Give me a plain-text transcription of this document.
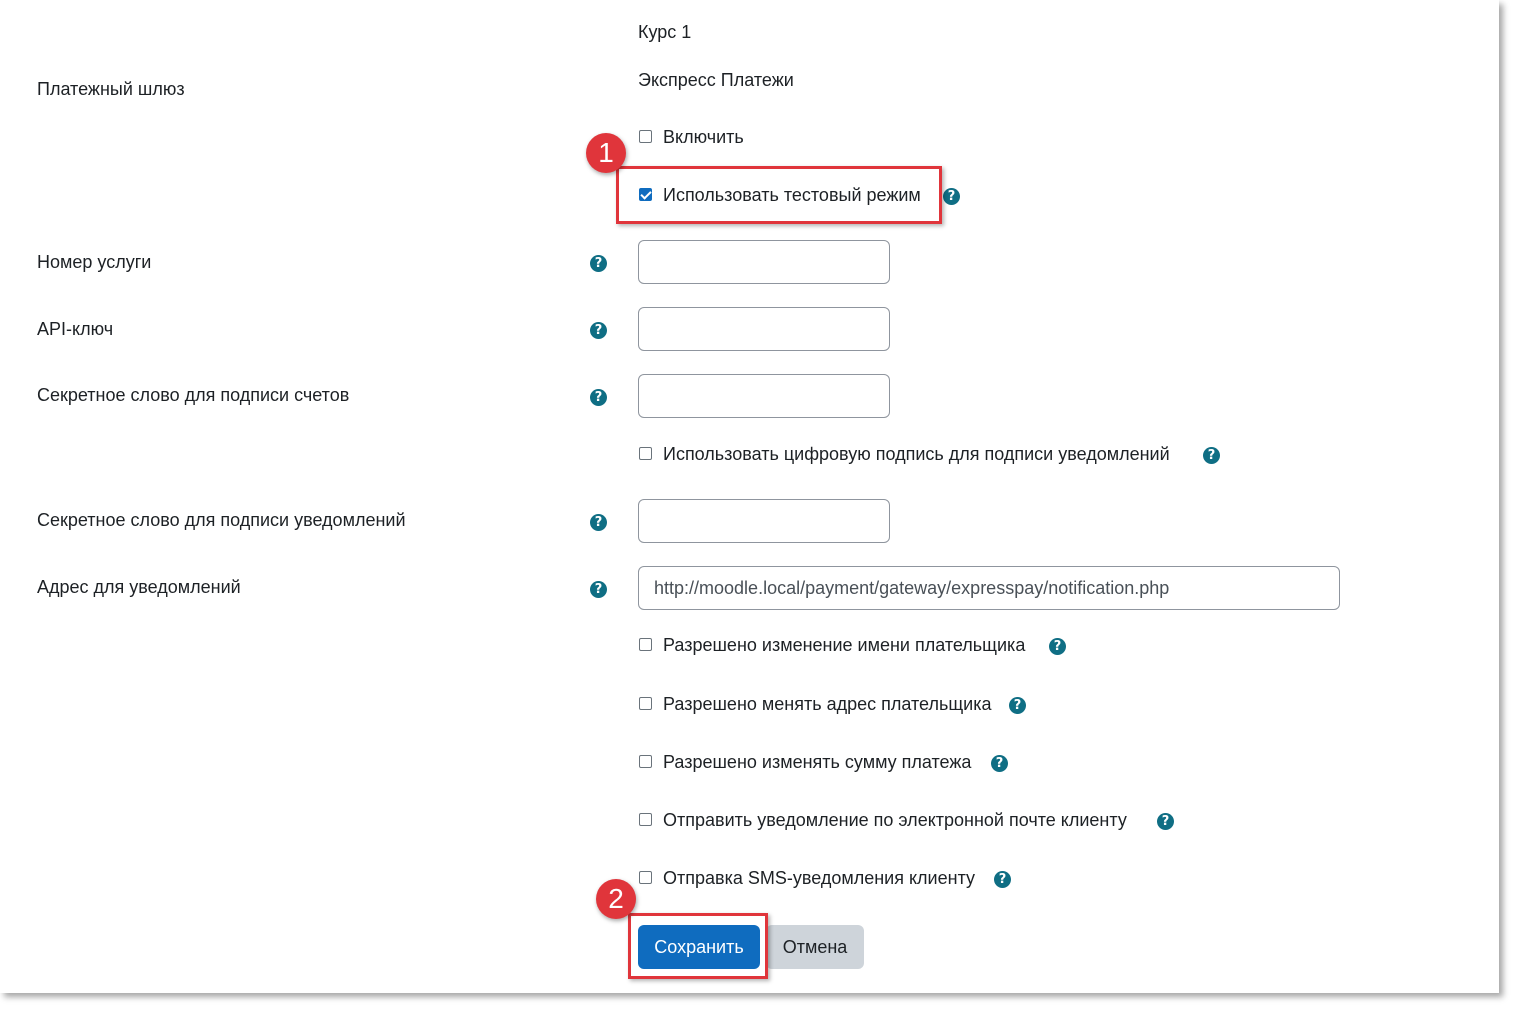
Курс 1
Платежный шлюз	Экспресс Платежи
Включить
Использовать тестовый режим	?
Номер услуги	?
API-ключ	?
Секретное слово для подписи счетов	?
Использовать цифровую подпись для подписи уведомлений	?
Секретное слово для подписи уведомлений	?
Адрес для уведомлений	?	http://moodle.local/payment/gateway/expresspay/notification.php
Разрешено изменение имени плательщика	?
Разрешено менять адрес плательщика	?
Разрешено изменять сумму платежа	?
Отправить уведомление по электронной почте клиенту	?
Отправка SMS-уведомления клиенту	?
Отмена
Сохранить
1
2
